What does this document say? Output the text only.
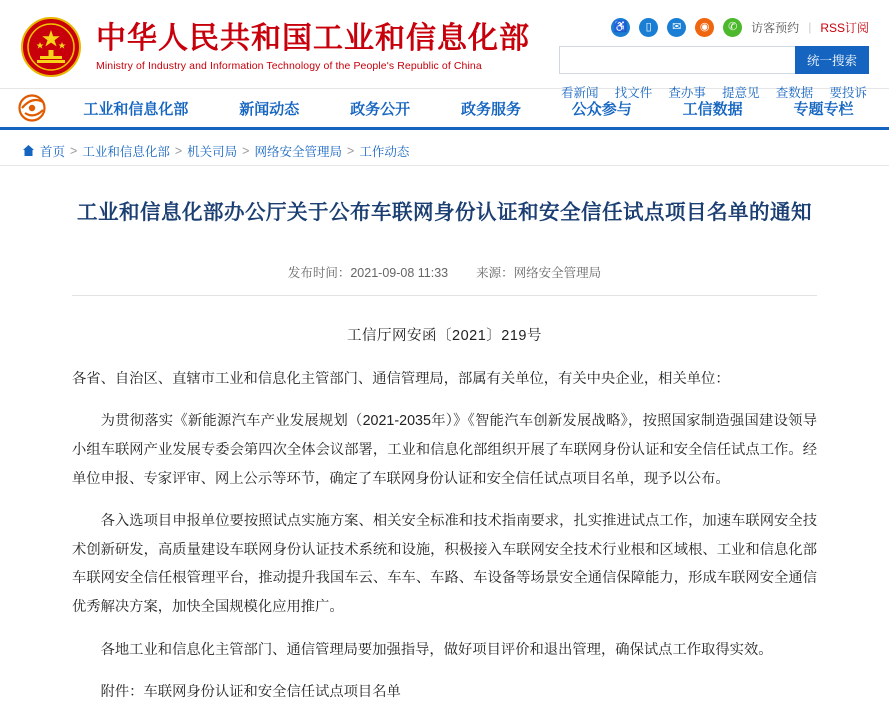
中华人民共和国工业和信息化部
Ministry of Industry and Information Technology of the People's Republic of China
♿	▯	✉	◉	✆	访客预约 | RSS订阅
统一搜索
看新闻 找文件 查办事 提意见 查数据 要投诉
工业和信息化部	新闻动态	政务公开	政务服务	公众参与	工信数据	专题专栏
首页 > 工业和信息化部 > 机关司局 > 网络安全管理局 > 工作动态
工业和信息化部办公厅关于公布车联网身份认证和安全信任试点项目名单的通知
发布时间：2021-09-08 11:33 来源：网络安全管理局
工信厅网安函〔2021〕219号

各省、自治区、直辖市工业和信息化主管部门、通信管理局，部属有关单位，有关中央企业，相关单位：

为贯彻落实《新能源汽车产业发展规划（2021-2035年）》《智能汽车创新发展战略》，按照国家制造强国建设领导小组车联网产业发展专委会第四次全体会议部署，工业和信息化部组织开展了车联网身份认证和安全信任试点工作。经单位申报、专家评审、网上公示等环节，确定了车联网身份认证和安全信任试点项目名单，现予以公布。

各入选项目申报单位要按照试点实施方案、相关安全标准和技术指南要求，扎实推进试点工作，加速车联网安全技术创新研发，高质量建设车联网身份认证技术系统和设施，积极接入车联网安全技术行业根和区域根、工业和信息化部车联网安全信任根管理平台，推动提升我国车云、车车、车路、车设备等场景安全通信保障能力，形成车联网安全通信优秀解决方案，加快全国规模化应用推广。

各地工业和信息化主管部门、通信管理局要加强指导，做好项目评价和退出管理，确保试点工作取得实效。

附件：车联网身份认证和安全信任试点项目名单
